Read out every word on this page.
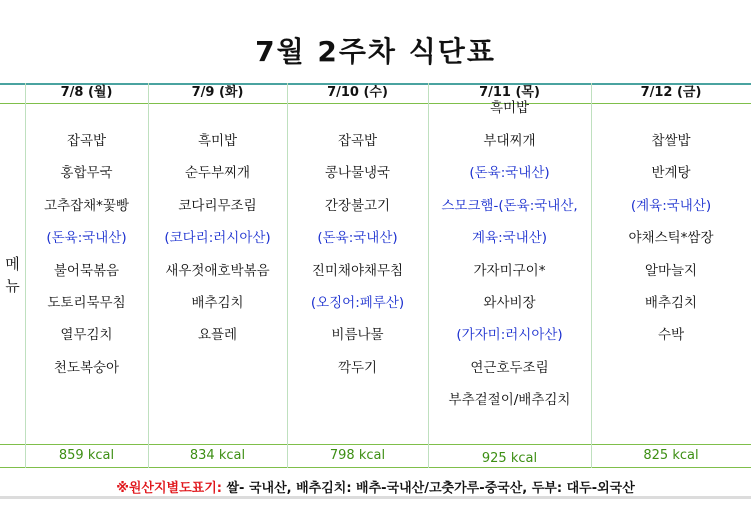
7월 2주차 식단표
메
뉴
7/8 (월)
잡곡밥
홍합무국
고추잡채*꽃빵
(돈육:국내산)
불어묵볶음
도토리묵무침
열무김치
천도복숭아
859 kcal
7/9 (화)
흑미밥
순두부찌개
코다리무조림
(코다리:러시아산)
새우젓애호박볶음
배추김치
요플레
834 kcal
7/10 (수)
잡곡밥
콩나물냉국
간장불고기
(돈육:국내산)
진미채야채무침
(오징어:페루산)
비름나물
깍두기
798 kcal
7/11 (목)
흑미밥
부대찌개
(돈육:국내산)
스모크햄-(돈육:국내산,
계육:국내산)
가자미구이*
와사비장
(가자미:러시아산)
연근호두조림
부추겉절이/배추김치
925 kcal
7/12 (금)
찹쌀밥
반계탕
(계육:국내산)
야채스틱*쌈장
알마늘지
배추김치
수박
825 kcal
※원산지별도표기: 쌀- 국내산, 배추김치: 배추-국내산/고춧가루-중국산, 두부: 대두-외국산
